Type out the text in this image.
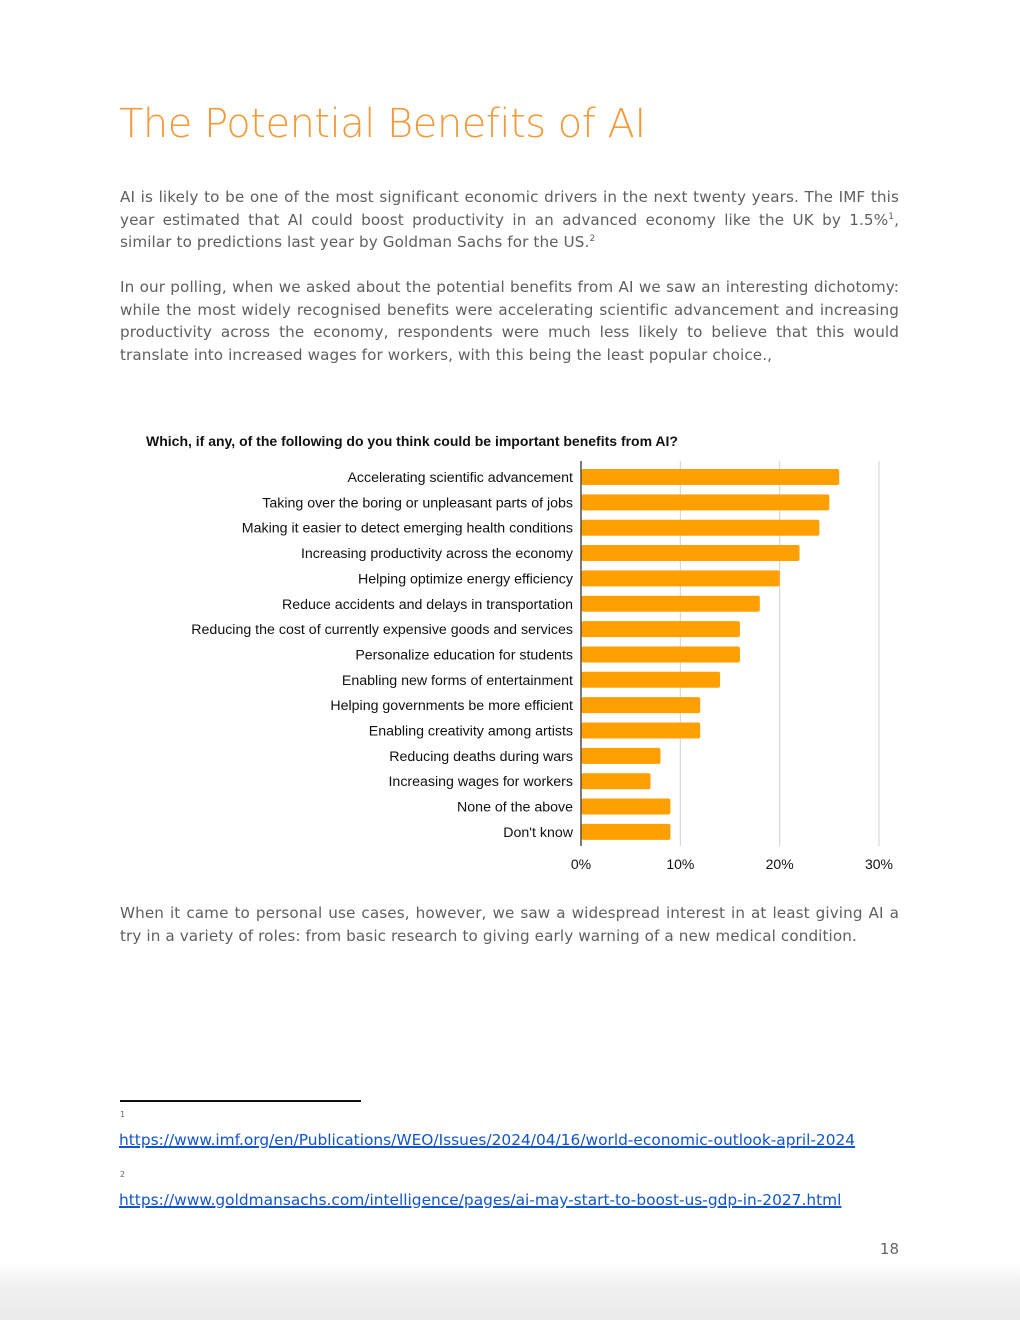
The Potential Benefits of AI

AI is likely to be one of the most significant economic drivers in the next twenty years. The IMF this year estimated that AI could boost productivity in an advanced economy like the UK by 1.5%$^1$, similar to predictions last year by Goldman Sachs for the US.$^2$

In our polling, when we asked about the potential benefits from AI we saw an interesting dichotomy: while the most widely recognised benefits were accelerating scientific advancement and increasing productivity across the economy, respondents were much less likely to believe that this would translate into increased wages for workers, with this being the least popular choice.,

Which, if any, of the following do you think could be important benefits from AI?
Accelerating scientific advancement
Taking over the boring or unpleasant parts of jobs
Making it easier to detect emerging health conditions
Increasing productivity across the economy
Helping optimize energy efficiency
Reduce accidents and delays in transportation
Reducing the cost of currently expensive goods and services
Personalize education for students
Enabling new forms of entertainment
Helping governments be more efficient
Enabling creativity among artists
Reducing deaths during wars
Increasing wages for workers
None of the above
Don't know
0%	10%	20%	30%

When it came to personal use cases, however, we saw a widespread interest in at least giving AI a try in a variety of roles: from basic research to giving early warning of a new medical condition.

1
https://www.imf.org/en/Publications/WEO/Issues/2024/04/16/world-economic-outlook-april-2024
2
https://www.goldmansachs.com/intelligence/pages/ai-may-start-to-boost-us-gdp-in-2027.html
18
